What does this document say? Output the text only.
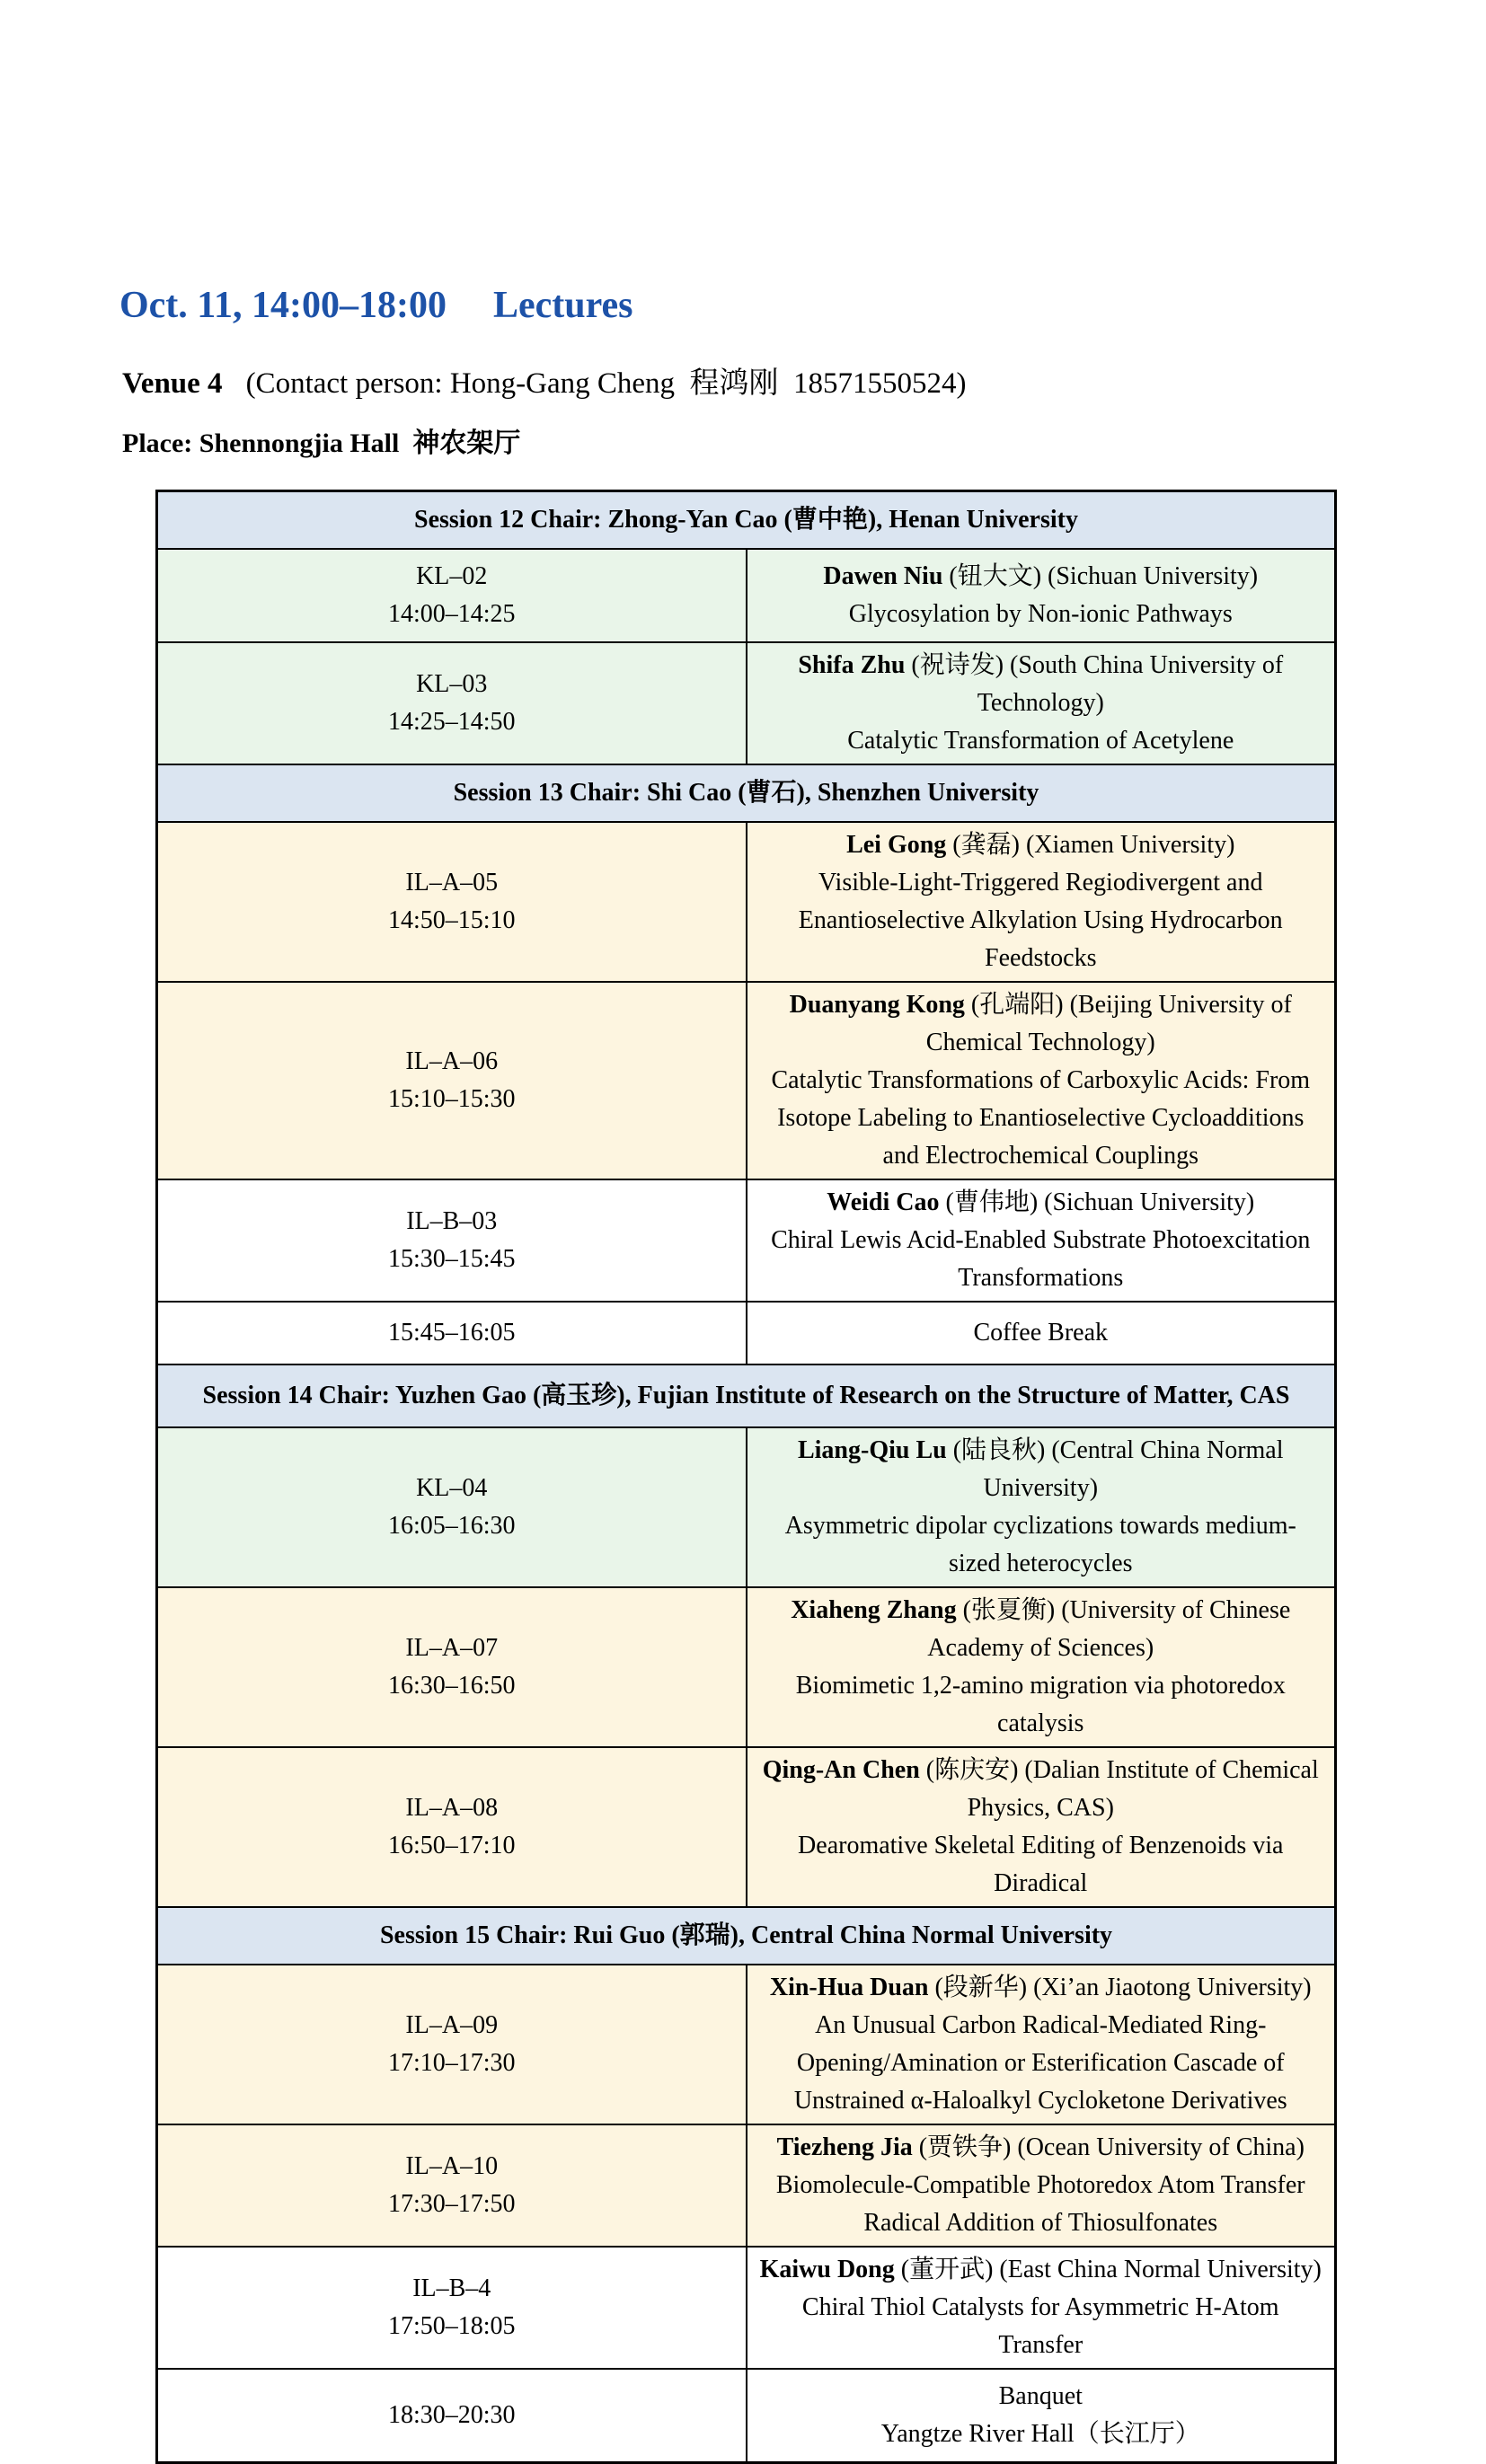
Oct. 11, 14:00–18:00 Lectures
Venue 4 (Contact person: Hong-Gang Cheng  程鸿刚  18571550524)
Place: Shennongjia Hall  神农架厅
Session 12 Chair: Zhong-Yan Cao (曹中艳), Henan University	

KL–02
14:00–14:25

Dawen Niu (钮大文) (Sichuan University)
Glycosylation by Non-ionic Pathways

KL–03
14:25–14:50

Shifa Zhu (祝诗发) (South China University of Technology)
Catalytic Transformation of Acetylene

Session 13 Chair: Shi Cao (曹石), Shenzhen University	

IL–A–05
14:50–15:10

Lei Gong (龚磊) (Xiamen University)
Visible-Light-Triggered Regiodivergent and Enantioselective Alkylation Using Hydrocarbon Feedstocks

IL–A–06
15:10–15:30

Duanyang Kong (孔端阳) (Beijing University of Chemical Technology)
Catalytic Transformations of Carboxylic Acids: From Isotope Labeling to Enantioselective Cycloadditions and Electrochemical Couplings

IL–B–03
15:30–15:45

Weidi Cao (曹伟地) (Sichuan University)
Chiral Lewis Acid-Enabled Substrate Photoexcitation Transformations

15:45–16:05	Coffee Break

Session 14 Chair: Yuzhen Gao (高玉珍), Fujian Institute of Research on the Structure of Matter, CAS	

KL–04
16:05–16:30

Liang-Qiu Lu (陆良秋) (Central China Normal University)
Asymmetric dipolar cyclizations towards medium-sized heterocycles

IL–A–07
16:30–16:50

Xiaheng Zhang (张夏衡) (University of Chinese Academy of Sciences)
Biomimetic 1,2-amino migration via photoredox catalysis

IL–A–08
16:50–17:10

Qing-An Chen (陈庆安) (Dalian Institute of Chemical Physics, CAS)
Dearomative Skeletal Editing of Benzenoids via Diradical

Session 15 Chair: Rui Guo (郭瑞), Central China Normal University	

IL–A–09
17:10–17:30

Xin-Hua Duan (段新华) (Xi’an Jiaotong University)
An Unusual Carbon Radical-Mediated Ring-Opening/Amination or Esterification Cascade of Unstrained α-Haloalkyl Cycloketone Derivatives

IL–A–10
17:30–17:50

Tiezheng Jia (贾铁争) (Ocean University of China)
Biomolecule-Compatible Photoredox Atom Transfer Radical Addition of Thiosulfonates

IL–B–4
17:50–18:05

Kaiwu Dong (董开武) (East China Normal University)
Chiral Thiol Catalysts for Asymmetric H-Atom Transfer

18:30–20:30	Banquet
Yangtze River Hall（长江厅）
